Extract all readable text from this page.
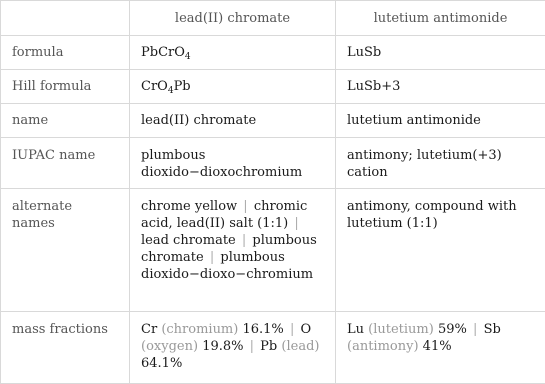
	lead(II) chromate	lutetium antimonide
formula	PbCrO$_4$	LuSb
Hill formula	CrO$_4$Pb	LuSb+3
name	lead(II) chromate	lutetium antimonide
IUPAC name	plumbous dioxido−dioxochromium	antimony; lutetium(+3) cation
alternate names	chrome yellow | chromic acid, lead(II) salt (1:1) | lead chromate | plumbous chromate | plumbous dioxido−dioxo−chromium	antimony, compound with lutetium (1:1)
mass fractions	Cr (chromium) 16.1% | O (oxygen) 19.8% | Pb (lead) 64.1%	Lu (lutetium) 59% | Sb (antimony) 41%
